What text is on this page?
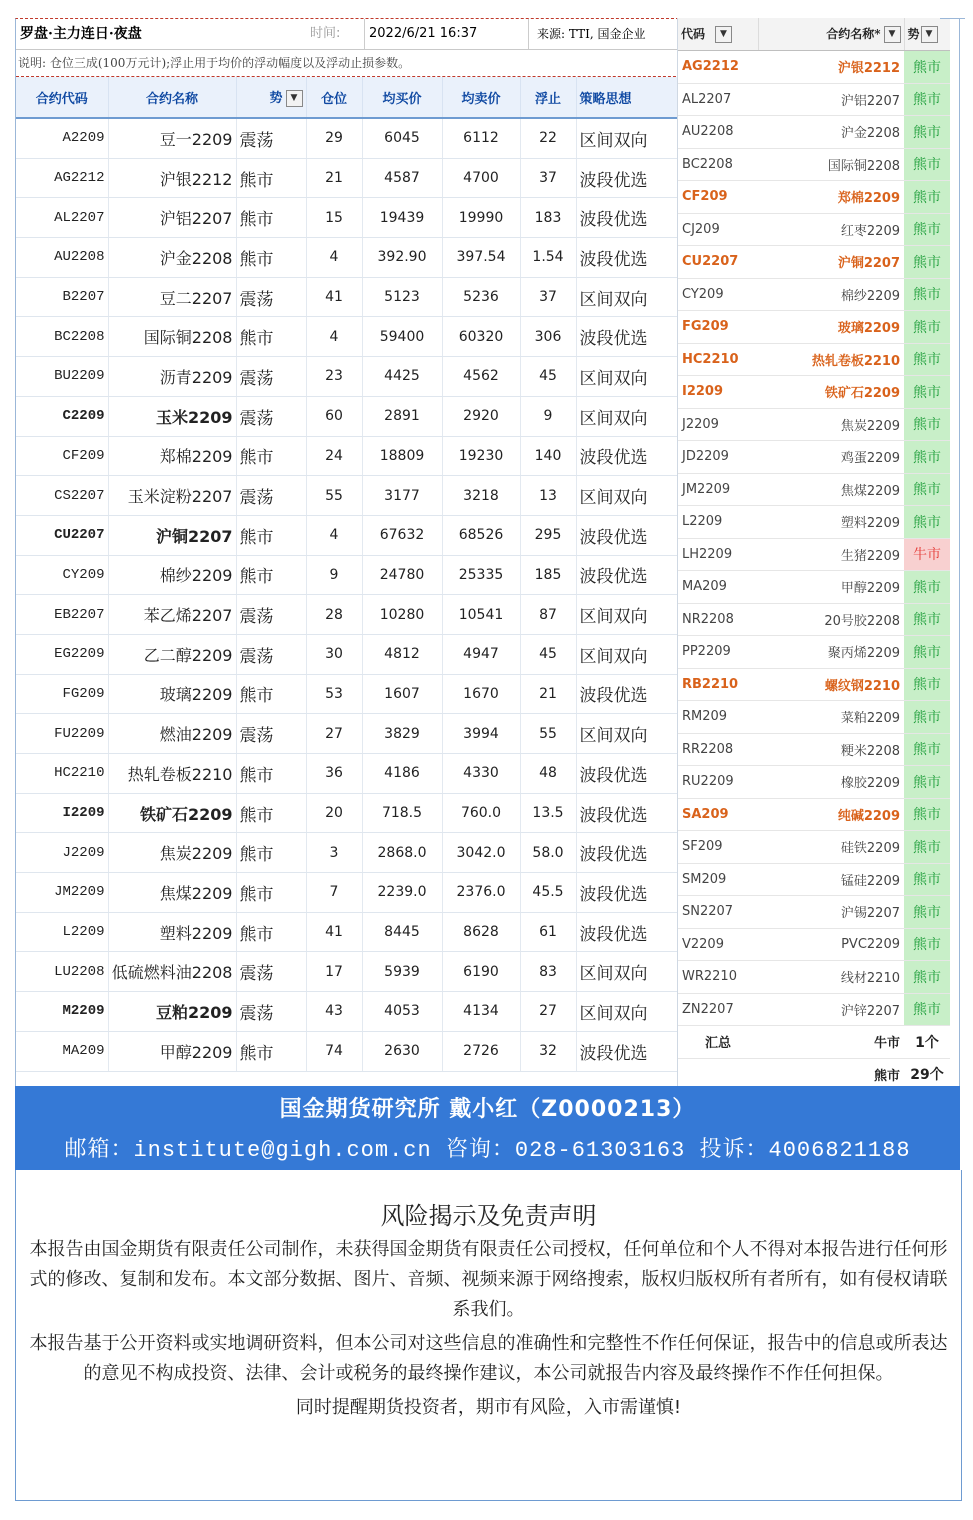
罗盘·主力连日·夜盘	时间:	2022/6/21 16:37	来源: TTI, 国金企业
说明: 仓位三成(100万元计);浮止用于均价的浮动幅度以及浮动止损参数。
合约代码	合约名称	势 ▼	仓位	均买价	均卖价	浮止	策略思想
A2209	豆一2209	震荡	29	6045	6112	22	区间双向
AG2212	沪银2212	熊市	21	4587	4700	37	波段优选
AL2207	沪铝2207	熊市	15	19439	19990	183	波段优选
AU2208	沪金2208	熊市	4	392.90	397.54	1.54	波段优选
B2207	豆二2207	震荡	41	5123	5236	37	区间双向
BC2208	国际铜2208	熊市	4	59400	60320	306	波段优选
BU2209	沥青2209	震荡	23	4425	4562	45	区间双向
C2209	玉米2209	震荡	60	2891	2920	9	区间双向
CF209	郑棉2209	熊市	24	18809	19230	140	波段优选
CS2207	玉米淀粉2207	震荡	55	3177	3218	13	区间双向
CU2207	沪铜2207	熊市	4	67632	68526	295	波段优选
CY209	棉纱2209	熊市	9	24780	25335	185	波段优选
EB2207	苯乙烯2207	震荡	28	10280	10541	87	区间双向
EG2209	乙二醇2209	震荡	30	4812	4947	45	区间双向
FG209	玻璃2209	熊市	53	1607	1670	21	波段优选
FU2209	燃油2209	震荡	27	3829	3994	55	区间双向
HC2210	热轧卷板2210	熊市	36	4186	4330	48	波段优选
I2209	铁矿石2209	熊市	20	718.5	760.0	13.5	波段优选
J2209	焦炭2209	熊市	3	2868.0	3042.0	58.0	波段优选
JM2209	焦煤2209	熊市	7	2239.0	2376.0	45.5	波段优选
L2209	塑料2209	熊市	41	8445	8628	61	波段优选
LU2208	低硫燃料油2208	震荡	17	5939	6190	83	区间双向
M2209	豆粕2209	震荡	43	4053	4134	27	区间双向
MA209	甲醇2209	熊市	74	2630	2726	32	波段优选
代码 ▼	合约名称* ▼	势 ▼
AG2212	沪银2212	熊市
AL2207	沪铝2207	熊市
AU2208	沪金2208	熊市
BC2208	国际铜2208	熊市
CF209	郑棉2209	熊市
CJ209	红枣2209	熊市
CU2207	沪铜2207	熊市
CY209	棉纱2209	熊市
FG209	玻璃2209	熊市
HC2210	热轧卷板2210	熊市
I2209	铁矿石2209	熊市
J2209	焦炭2209	熊市
JD2209	鸡蛋2209	熊市
JM2209	焦煤2209	熊市
L2209	塑料2209	熊市
LH2209	生猪2209	牛市
MA209	甲醇2209	熊市
NR2208	20号胶2208	熊市
PP2209	聚丙烯2209	熊市
RB2210	螺纹钢2210	熊市
RM209	菜粕2209	熊市
RR2208	粳米2208	熊市
RU2209	橡胶2209	熊市
SA209	纯碱2209	熊市
SF209	硅铁2209	熊市
SM209	锰硅2209	熊市
SN2207	沪锡2207	熊市
V2209	PVC2209	熊市
WR2210	线材2210	熊市
ZN2207	沪锌2207	熊市
汇总	牛市	1个
	熊市	29个
国金期货研究所 戴小红（Z0000213）
邮箱：institute@gigh.com.cn 咨询：028-61303163 投诉：4006821188
风险揭示及免责声明

本报告由国金期货有限责任公司制作，未获得国金期货有限责任公司授权，任何单位和个人不得对本报告进行任何形式的修改、复制和发布。本文部分数据、图片、音频、视频来源于网络搜索，版权归版权所有者所有，如有侵权请联系我们。

本报告基于公开资料或实地调研资料，但本公司对这些信息的准确性和完整性不作任何保证，报告中的信息或所表达的意见不构成投资、法律、会计或税务的最终操作建议，本公司就报告内容及最终操作不作任何担保。

同时提醒期货投资者，期市有风险，入市需谨慎!
